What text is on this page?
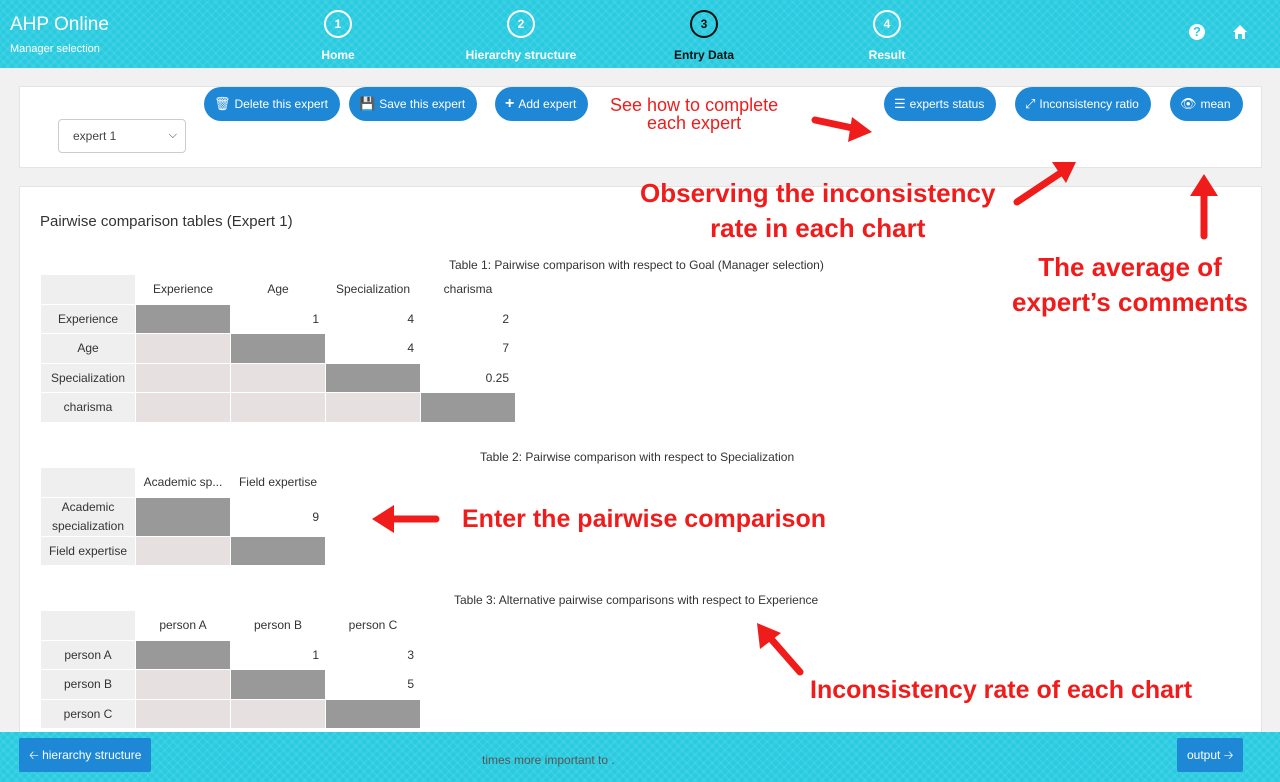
AHP Online
Manager selection
1
Home
2
Hierarchy structure
3
Entry Data
4
Result
?
expert 1	⌵
🗑 Delete this expert	💾 Save this expert	+ Add expert	☰ experts status	⤢ Inconsistency ratio	👁 mean
Pairwise comparison tables (Expert 1)
Table 1: Pairwise comparison with respect to Goal (Manager selection)
	Experience	Age	Specialization	charisma
Experience		1	4	2
Age			4	7
Specialization				0.25
charisma				
Table 2: Pairwise comparison with respect to Specialization
	Academic sp...	Field expertise
Academic specialization		9
Field expertise		
Table 3: Alternative pairwise comparisons with respect to Experience
	person A	person B	person C
person A		1	3
person B			5
person C			
🡠 hierarchy structure	times more important to .	output 🡢
See how to complete
each expert
Observing the inconsistency
rate in each chart
The average of
expert’s comments
Enter the pairwise comparison
Inconsistency rate of each chart
